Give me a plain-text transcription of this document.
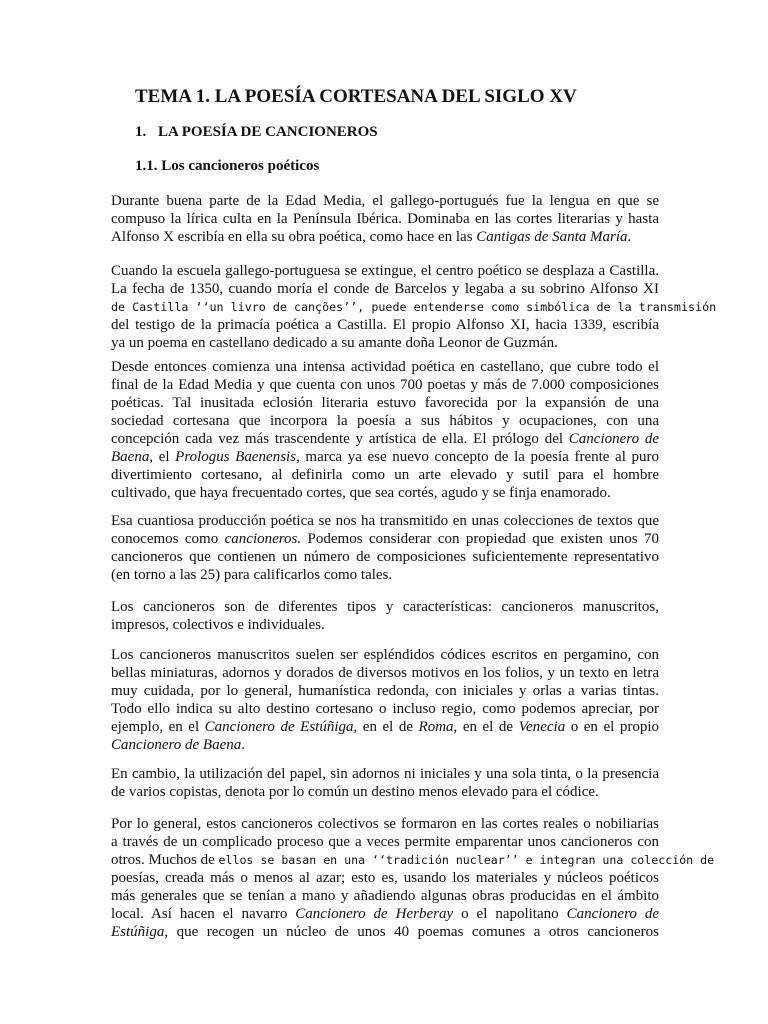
TEMA 1. LA POESÍA CORTESANA DEL SIGLO XV
1. LA POESÍA DE CANCIONEROS
1.1. Los cancioneros poéticos

Durante buena parte de la Edad Media, el gallego-portugués fue la lengua en que se
compuso la lírica culta en la Península Ibérica. Dominaba en las cortes literarias y hasta
Alfonso X escribía en ella su obra poética, como hace en las Cantigas de Santa María.

Cuando la escuela gallego-portuguesa se extingue, el centro poético se desplaza a Castilla.
La fecha de 1350, cuando moría el conde de Barcelos y legaba a su sobrino Alfonso XI
de Castilla ‘‘un livro de canções’’, puede entenderse como simbólica de la transmisión
del testigo de la primacía poética a Castilla. El propio Alfonso XI, hacia 1339, escribía
ya un poema en castellano dedicado a su amante doña Leonor de Guzmán.

Desde entonces comienza una intensa actividad poética en castellano, que cubre todo el
final de la Edad Media y que cuenta con unos 700 poetas y más de 7.000 composiciones
poéticas. Tal inusitada eclosión literaria estuvo favorecida por la expansión de una
sociedad cortesana que incorpora la poesía a sus hábitos y ocupaciones, con una
concepción cada vez más trascendente y artística de ella. El prólogo del Cancionero de
Baena, el Prologus Baenensis, marca ya ese nuevo concepto de la poesía frente al puro
divertimiento cortesano, al definirla como un arte elevado y sutil para el hombre
cultivado, que haya frecuentado cortes, que sea cortés, agudo y se finja enamorado.

Esa cuantiosa producción poética se nos ha transmitido en unas colecciones de textos que
conocemos como cancioneros. Podemos considerar con propiedad que existen unos 70
cancioneros que contienen un número de composiciones suficientemente representativo
(en torno a las 25) para calificarlos como tales.

Los cancioneros son de diferentes tipos y características: cancioneros manuscritos,
impresos, colectivos e individuales.

Los cancioneros manuscritos suelen ser espléndidos códices escritos en pergamino, con
bellas miniaturas, adornos y dorados de diversos motivos en los folios, y un texto en letra
muy cuidada, por lo general, humanística redonda, con iniciales y orlas a varias tintas.
Todo ello indica su alto destino cortesano o incluso regio, como podemos apreciar, por
ejemplo, en el Cancionero de Estúñiga, en el de Roma, en el de Venecia o en el propio
Cancionero de Baena.

En cambio, la utilización del papel, sin adornos ni iniciales y una sola tinta, o la presencia
de varios copistas, denota por lo común un destino menos elevado para el códice.

Por lo general, estos cancioneros colectivos se formaron en las cortes reales o nobiliarias
a través de un complicado proceso que a veces permite emparentar unos cancioneros con
otros. Muchos de ellos se basan en una ‘‘tradición nuclear’’ e integran una colección de
poesías, creada más o menos al azar; esto es, usando los materiales y núcleos poéticos
más generales que se tenían a mano y añadiendo algunas obras producidas en el ámbito
local. Así hacen el navarro Cancionero de Herberay o el napolitano Cancionero de
Estúñiga, que recogen un núcleo de unos 40 poemas comunes a otros cancioneros
